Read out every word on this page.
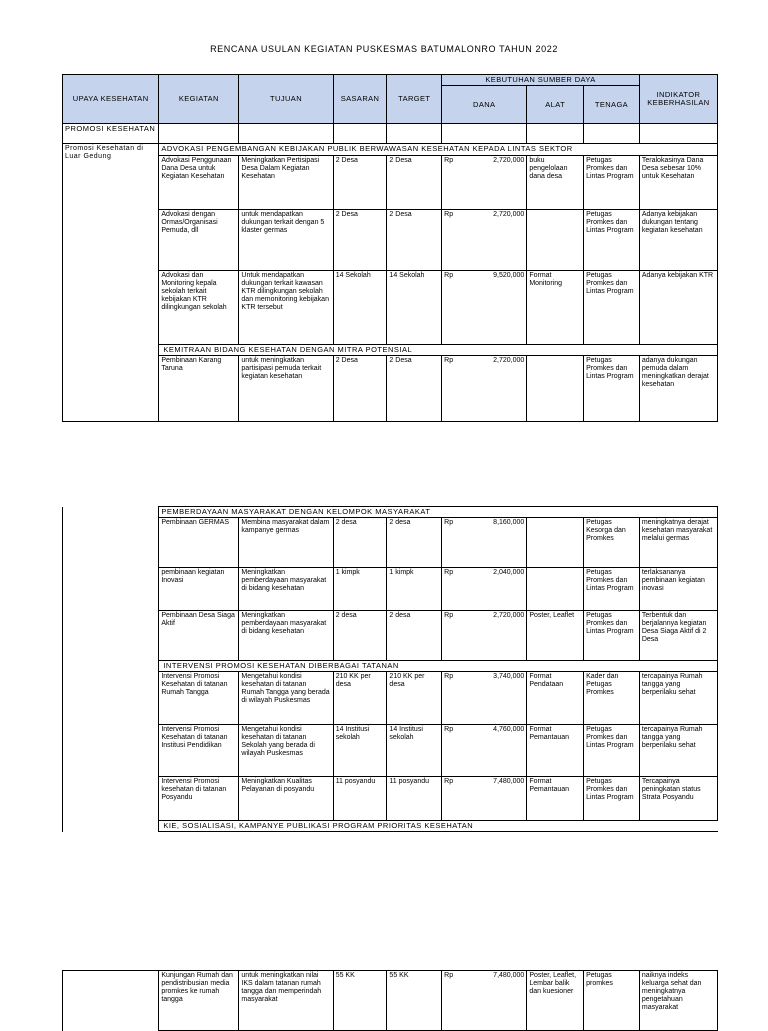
RENCANA USULAN KEGIATAN PUSKESMAS BATUMALONRO TAHUN 2022
UPAYA KESEHATAN	KEGIATAN	TUJUAN	SASARAN	TARGET	KEBUTUHAN SUMBER DAYA				INDIKATOR KEBERHASILAN
					DANA		ALAT	TENAGA	
PROMOSI KESEHATAN									
Promosi Kesehatan di Luar Gedung	ADVOKASI PENGEMBANGAN KEBIJAKAN PUBLIK BERWAWASAN KESEHATAN KEPADA LINTAS SEKTOR								
	Advokasi Penggunaan Dana Desa untuk Kegiatan Kesehatan	Meningkatkan Pertisipasi Desa Dalam Kegiatan Kesehatan	2 Desa	2 Desa	Rp	2,720,000	buku pengelolaan dana desa	Petugas Promkes dan Lintas Program	Teralokasinya Dana Desa sebesar 10% untuk Kesehatan
	Advokasi dengan Ormas/Organisasi Pemuda, dll	untuk mendapatkan dukungan terkait dengan 5 klaster germas	2 Desa	2 Desa	Rp	2,720,000		Petugas Promkes dan Lintas Program	Adanya kebijakan dukungan tentang kegiatan kesehatan
	Advokasi dan Monitoring kepala sekolah terkait kebijakan KTR dilingkungan sekolah	Untuk mendapatkan dukungan terkait kawasan KTR dilingkungan sekolah dan memonitoring kebijakan KTR tersebut	14 Sekolah	14 Sekolah	Rp	9,520,000	Format Monitoring	Petugas Promkes dan Lintas Program	Adanya kebijakan KTR
	KEMITRAAN BIDANG KESEHATAN DENGAN MITRA POTENSIAL								
	Pembinaan Karang Taruna	untuk meningkatkan partisipasi pemuda terkait kegiatan kesehatan	2 Desa	2 Desa	Rp	2,720,000		Petugas Promkes dan Lintas Program	adanya dukungan pemuda dalam meningkatkan derajat kesehatan
	PEMBERDAYAAN MASYARAKAT DENGAN KELOMPOK MASYARAKAT								
	Pembinaan GERMAS	Membina masyarakat dalam kampanye germas	2 desa	2 desa	Rp	8,160,000		Petugas Kesorga dan Promkes	meningkatnya derajat kesehatan masyarakat melalui germas
	pembinaan kegiatan Inovasi	Meningkatkan pemberdayaan masyarakat di bidang kesehatan	1 kimpk	1 kimpk	Rp	2,040,000		Petugas Promkes dan Lintas Program	terlaksananya pembinaan kegiatan inovasi
	Pembinaan Desa Siaga Aktif	Meningkatkan pemberdayaan masyarakat di bidang kesehatan	2 desa	2 desa	Rp	2,720,000	Poster, Leaflet	Petugas Promkes dan Lintas Program	Terbentuk dan berjalannya kegiatan Desa Siaga Aktif di 2 Desa
	INTERVENSI PROMOSI KESEHATAN DIBERBAGAI TATANAN								
	Intervensi Promosi Kesehatan di tatanan Rumah Tangga	Mengetahui kondisi kesehatan di tatanan Rumah Tangga yang berada di wilayah Puskesmas	210 KK per desa	210 KK per desa	Rp	3,740,000	Format Pendataan	Kader dan Petugas Promkes	tercapainya Rumah tangga yang berperilaku sehat
	Intervensi Promosi Kesehatan di tatanan Institusi Pendidikan	Mengetahui kondisi kesehatan di tatanan Sekolah yang berada di wilayah Puskesmas	14 Institusi sekolah	14 Institusi sekolah	Rp	4,760,000	Format Pemantauan	Petugas Promkes dan Lintas Program	tercapainya Rumah tangga yang berperilaku sehat
	Intervensi Promosi kesehatan di tatanan Posyandu	Meningkatkan Kualitas Pelayanan di posyandu	11 posyandu	11 posyandu	Rp	7,480,000	Format Pemantauan	Petugas Promkes dan Lintas Program	Tercapainya peningkatan status Strata Posyandu
	KIE, SOSIALISASI, KAMPANYE PUBLIKASI PROGRAM PRIORITAS KESEHATAN								
	Kunjungan Rumah dan pendistribusian media promkes ke rumah tangga	untuk meningkatkan nilai IKS dalam tatanan rumah tangga dan memperindah masyarakat	55 KK	55 KK	Rp	7,480,000	Poster, Leaflet, Lembar balik dan kuesioner	Petugas promkes	naiknya indeks keluarga sehat dan meningkatnya pengetahuan masyarakat
